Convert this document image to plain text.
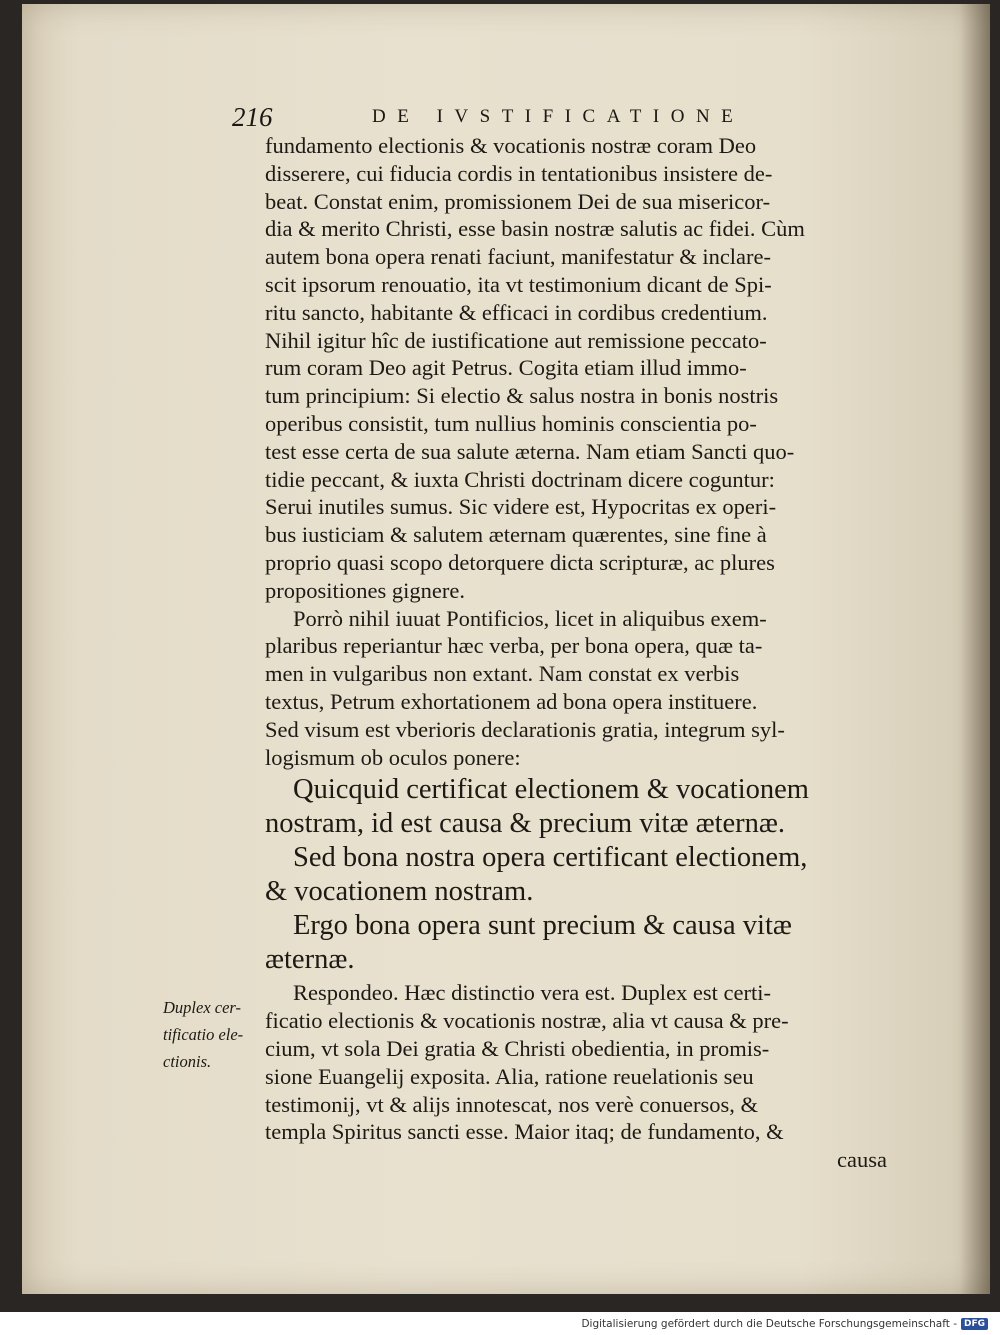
216	DE IVSTIFICATIONE
fundamento electionis & vocationis nostræ coram Deo
disserere, cui fiducia cordis in tentationibus insistere de-
beat. Constat enim, promissionem Dei de sua misericor-
dia & merito Christi, esse basin nostræ salutis ac fidei. Cùm
autem bona opera renati faciunt, manifestatur & inclare-
scit ipsorum renouatio, ita vt testimonium dicant de Spi-
ritu sancto, habitante & efficaci in cordibus credentium.
Nihil igitur hîc de iustificatione aut remissione peccato-
rum coram Deo agit Petrus. Cogita etiam illud immo-
tum principium: Si electio & salus nostra in bonis nostris
operibus consistit, tum nullius hominis conscientia po-
test esse certa de sua salute æterna. Nam etiam Sancti quo-
tidie peccant, & iuxta Christi doctrinam dicere coguntur:
Serui inutiles sumus. Sic videre est, Hypocritas ex operi-
bus iusticiam & salutem æternam quærentes, sine fine à
proprio quasi scopo detorquere dicta scripturæ, ac plures
propositiones gignere.
Porrò nihil iuuat Pontificios, licet in aliquibus exem-
plaribus reperiantur hæc verba, per bona opera, quæ ta-
men in vulgaribus non extant. Nam constat ex verbis
textus, Petrum exhortationem ad bona opera instituere.
Sed visum est vberioris declarationis gratia, integrum syl-
logismum ob oculos ponere:
Quicquid certificat electionem & vocationem
nostram, id est causa & precium vitæ æternæ.
Sed bona nostra opera certificant electionem,
& vocationem nostram.
Ergo bona opera sunt precium & causa vitæ
æternæ.
Respondeo. Hæc distinctio vera est. Duplex est certi-
ficatio electionis & vocationis nostræ, alia vt causa & pre-
cium, vt sola Dei gratia & Christi obedientia, in promis-
sione Euangelij exposita. Alia, ratione reuelationis seu
testimonij, vt & alijs innotescat, nos verè conuersos, &
templa Spiritus sancti esse. Maior itaq; de fundamento, &
causa
Duplex cer-
tificatio ele-
ctionis.
Digitalisierung gefördert durch die Deutsche Forschungsgemeinschaft - DFG
